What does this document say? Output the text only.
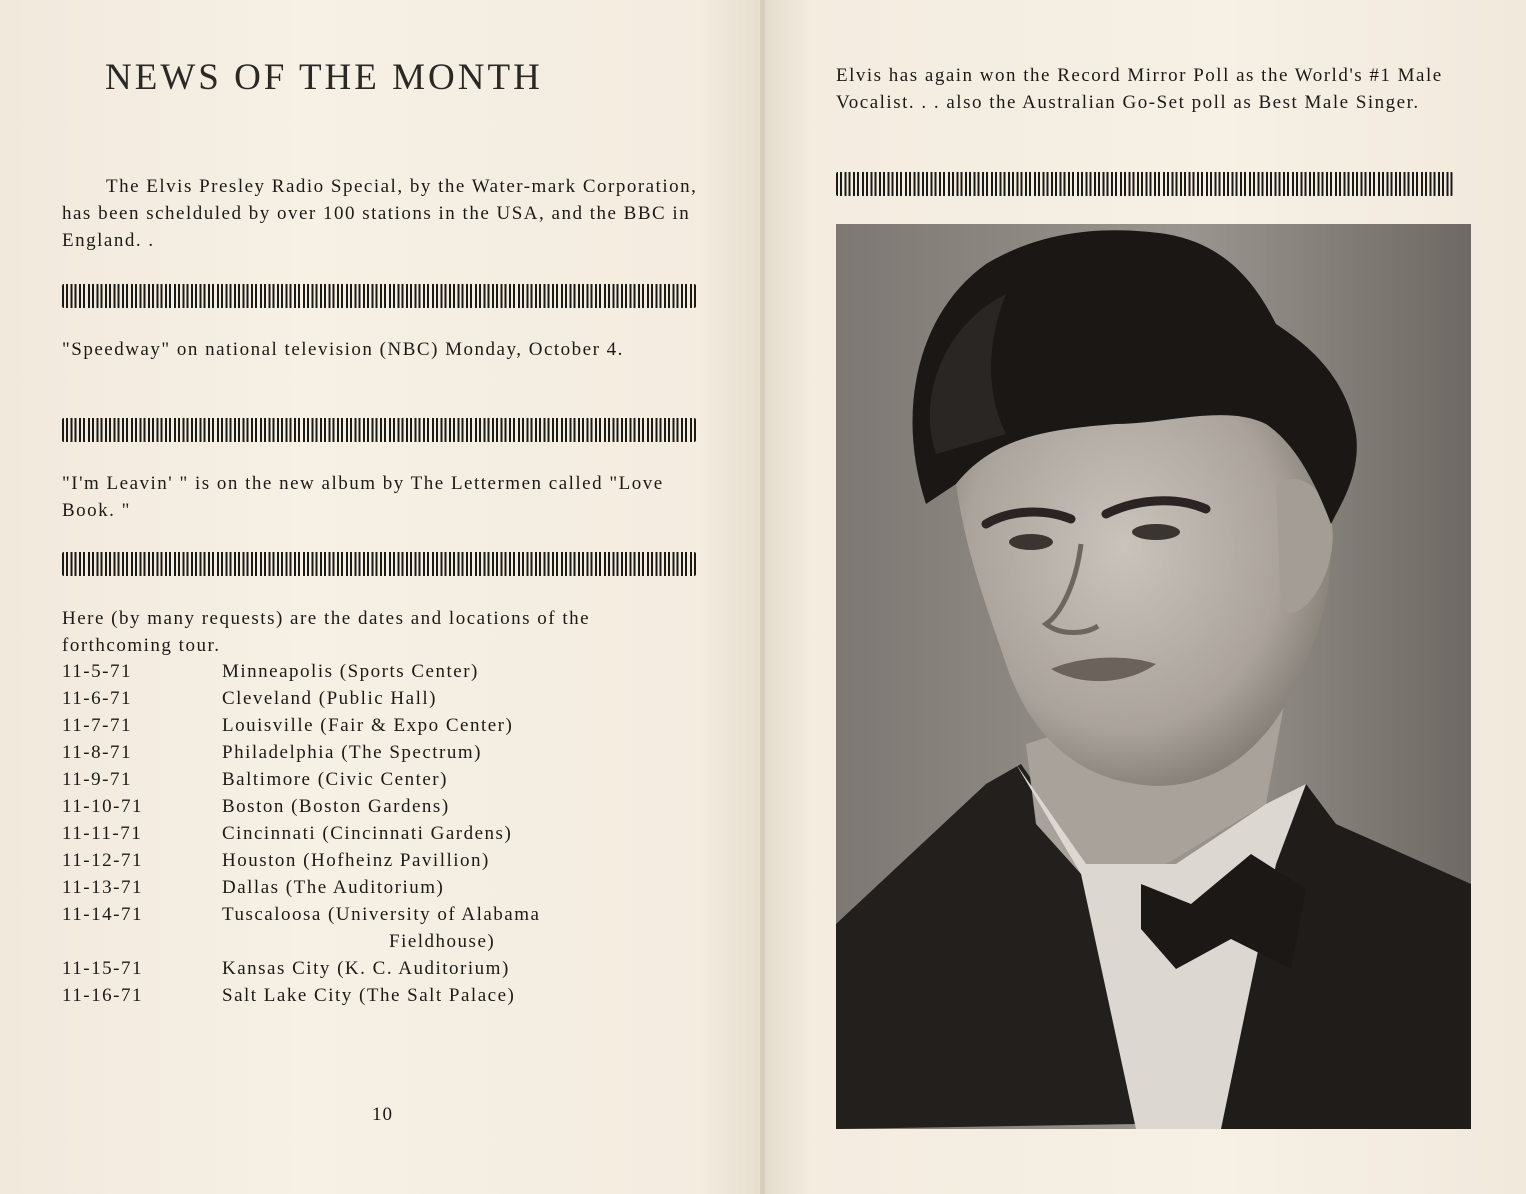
NEWS OF THE MONTH

The Elvis Presley Radio Special, by the Water-mark Corporation, has been schelduled by over 100 stations in the USA, and the BBC in England. .

"Speedway" on national television (NBC) Monday, October 4.

"I'm Leavin' " is on the new album by The Lettermen called "Love Book. "

Here (by many requests) are the dates and locations of the forthcoming tour.

11-5-71	Minneapolis (Sports Center)
11-6-71	Cleveland (Public Hall)
11-7-71	Louisville (Fair & Expo Center)
11-8-71	Philadelphia (The Spectrum)
11-9-71	Baltimore (Civic Center)
11-10-71	Boston (Boston Gardens)
11-11-71	Cincinnati (Cincinnati Gardens)
11-12-71	Houston (Hofheinz Pavillion)
11-13-71	Dallas (The Auditorium)
11-14-71	Tuscaloosa (University of Alabama
Fieldhouse)
11-15-71	Kansas City (K. C. Auditorium)
11-16-71	Salt Lake City (The Salt Palace)
10

Elvis has again won the Record Mirror Poll as the World's #1 Male Vocalist. . . also the Australian Go-Set poll as Best Male Singer.
